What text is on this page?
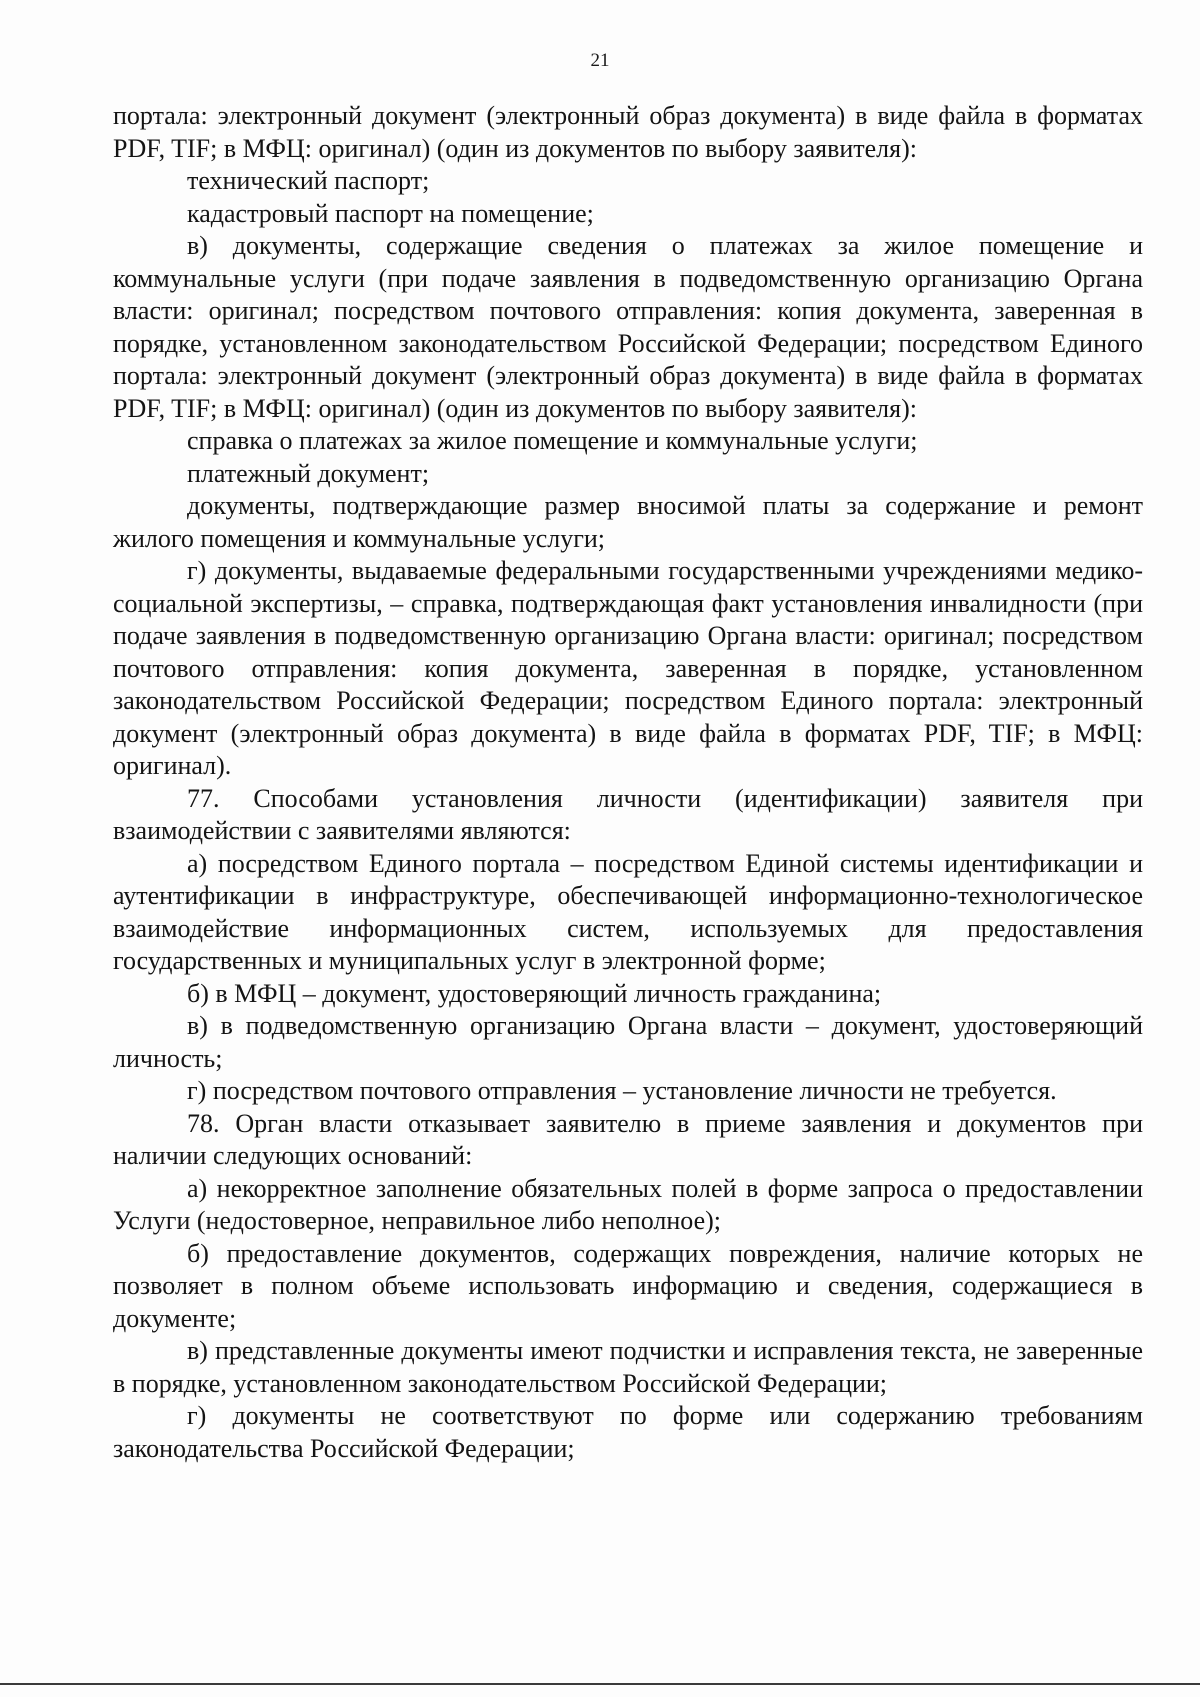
21

портала: электронный документ (электронный образ документа) в виде файла в форматах PDF, TIF; в МФЦ: оригинал) (один из документов по выбору заявителя):

технический паспорт;

кадастровый паспорт на помещение;

в) документы, содержащие сведения о платежах за жилое помещение и коммунальные услуги (при подаче заявления в подведомственную организацию Органа власти: оригинал; посредством почтового отправления: копия документа, заверенная в порядке, установленном законодательством Российской Федерации; посредством Единого портала: электронный документ (электронный образ документа) в виде файла в форматах PDF, TIF; в МФЦ: оригинал) (один из документов по выбору заявителя):

справка о платежах за жилое помещение и коммунальные услуги;

платежный документ;

документы, подтверждающие размер вносимой платы за содержание и ремонт жилого помещения и коммунальные услуги;

г) документы, выдаваемые федеральными государственными учреждениями медико-социальной экспертизы, – справка, подтверждающая факт установления инвалидности (при подаче заявления в подведомственную организацию Органа власти: оригинал; посредством почтового отправления: копия документа, заверенная в порядке, установленном законодательством Российской Федерации; посредством Единого портала: электронный документ (электронный образ документа) в виде файла в форматах PDF, TIF; в МФЦ: оригинал).

77. Способами установления личности (идентификации) заявителя при взаимодействии с заявителями являются:

а) посредством Единого портала – посредством Единой системы идентификации и аутентификации в инфраструктуре, обеспечивающей информационно-технологическое взаимодействие информационных систем, используемых для предоставления государственных и муниципальных услуг в электронной форме;

б) в МФЦ – документ, удостоверяющий личность гражданина;

в) в подведомственную организацию Органа власти – документ, удостоверяющий личность;

г) посредством почтового отправления – установление личности не требуется.

78. Орган власти отказывает заявителю в приеме заявления и документов при наличии следующих оснований:

а) некорректное заполнение обязательных полей в форме запроса о предоставлении Услуги (недостоверное, неправильное либо неполное);

б) предоставление документов, содержащих повреждения, наличие которых не позволяет в полном объеме использовать информацию и сведения, содержащиеся в документе;

в) представленные документы имеют подчистки и исправления текста, не заверенные в порядке, установленном законодательством Российской Федерации;

г) документы не соответствуют по форме или содержанию требованиям законодательства Российской Федерации;
